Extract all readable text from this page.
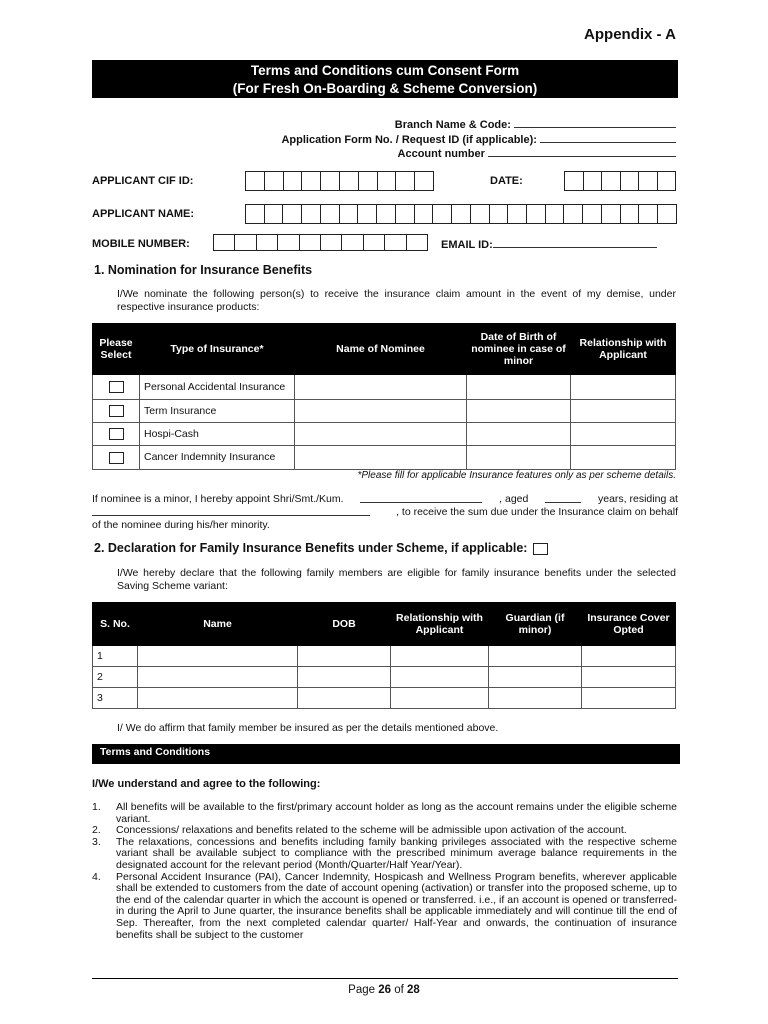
Appendix - A
Terms and Conditions cum Consent Form
(For Fresh On-Boarding & Scheme Conversion)
Branch Name & Code:
Application Form No. / Request ID (if applicable):
Account number
APPLICANT CIF ID:	DATE:
APPLICANT NAME:
MOBILE NUMBER:	EMAIL ID:
1. Nomination for Insurance Benefits
I/We nominate the following person(s) to receive the insurance claim amount in the event of my demise, under respective insurance products:
Please Select	Type of Insurance*	Name of Nominee	Date of Birth of nominee in case of minor	Relationship with Applicant

	Personal Accidental Insurance			

	Term Insurance			

	Hospi-Cash			

	Cancer Indemnity Insurance			
*Please fill for applicable Insurance features only as per scheme details.
If nominee is a minor, I hereby appoint Shri/Smt./Kum.	, aged	years, residing at
, to receive the sum due under the Insurance claim on behalf
of the nominee during his/her minority.
2. Declaration for Family Insurance Benefits under Scheme, if applicable:
I/We hereby declare that the following family members are eligible for family insurance benefits under the selected Saving Scheme variant:
S. No.	Name	DOB	Relationship with Applicant	Guardian (if minor)	Insurance Cover Opted
1					
2					
3					
I/ We do affirm that family member be insured as per the details mentioned above.
Terms and Conditions
I/We understand and agree to the following:
1.	All benefits will be available to the first/primary account holder as long as the account remains under the eligible scheme variant.
2.	Concessions/ relaxations and benefits related to the scheme will be admissible upon activation of the account.
3.	The relaxations, concessions and benefits including family banking privileges associated with the respective scheme variant shall be available subject to compliance with the prescribed minimum average balance requirements in the designated account for the relevant period (Month/Quarter/Half Year/Year).
4.	Personal Accident Insurance (PAI), Cancer Indemnity, Hospicash and Wellness Program benefits, wherever applicable shall be extended to customers from the date of account opening (activation) or transfer into the proposed scheme, up to the end of the calendar quarter in which the account is opened or transferred. i.e., if an account is opened or transferred-in during the April to June quarter, the insurance benefits shall be applicable immediately and will continue till the end of Sep. Thereafter, from the next completed calendar quarter/ Half-Year and onwards, the continuation of insurance benefits shall be subject to the customer
Page 26 of 28
